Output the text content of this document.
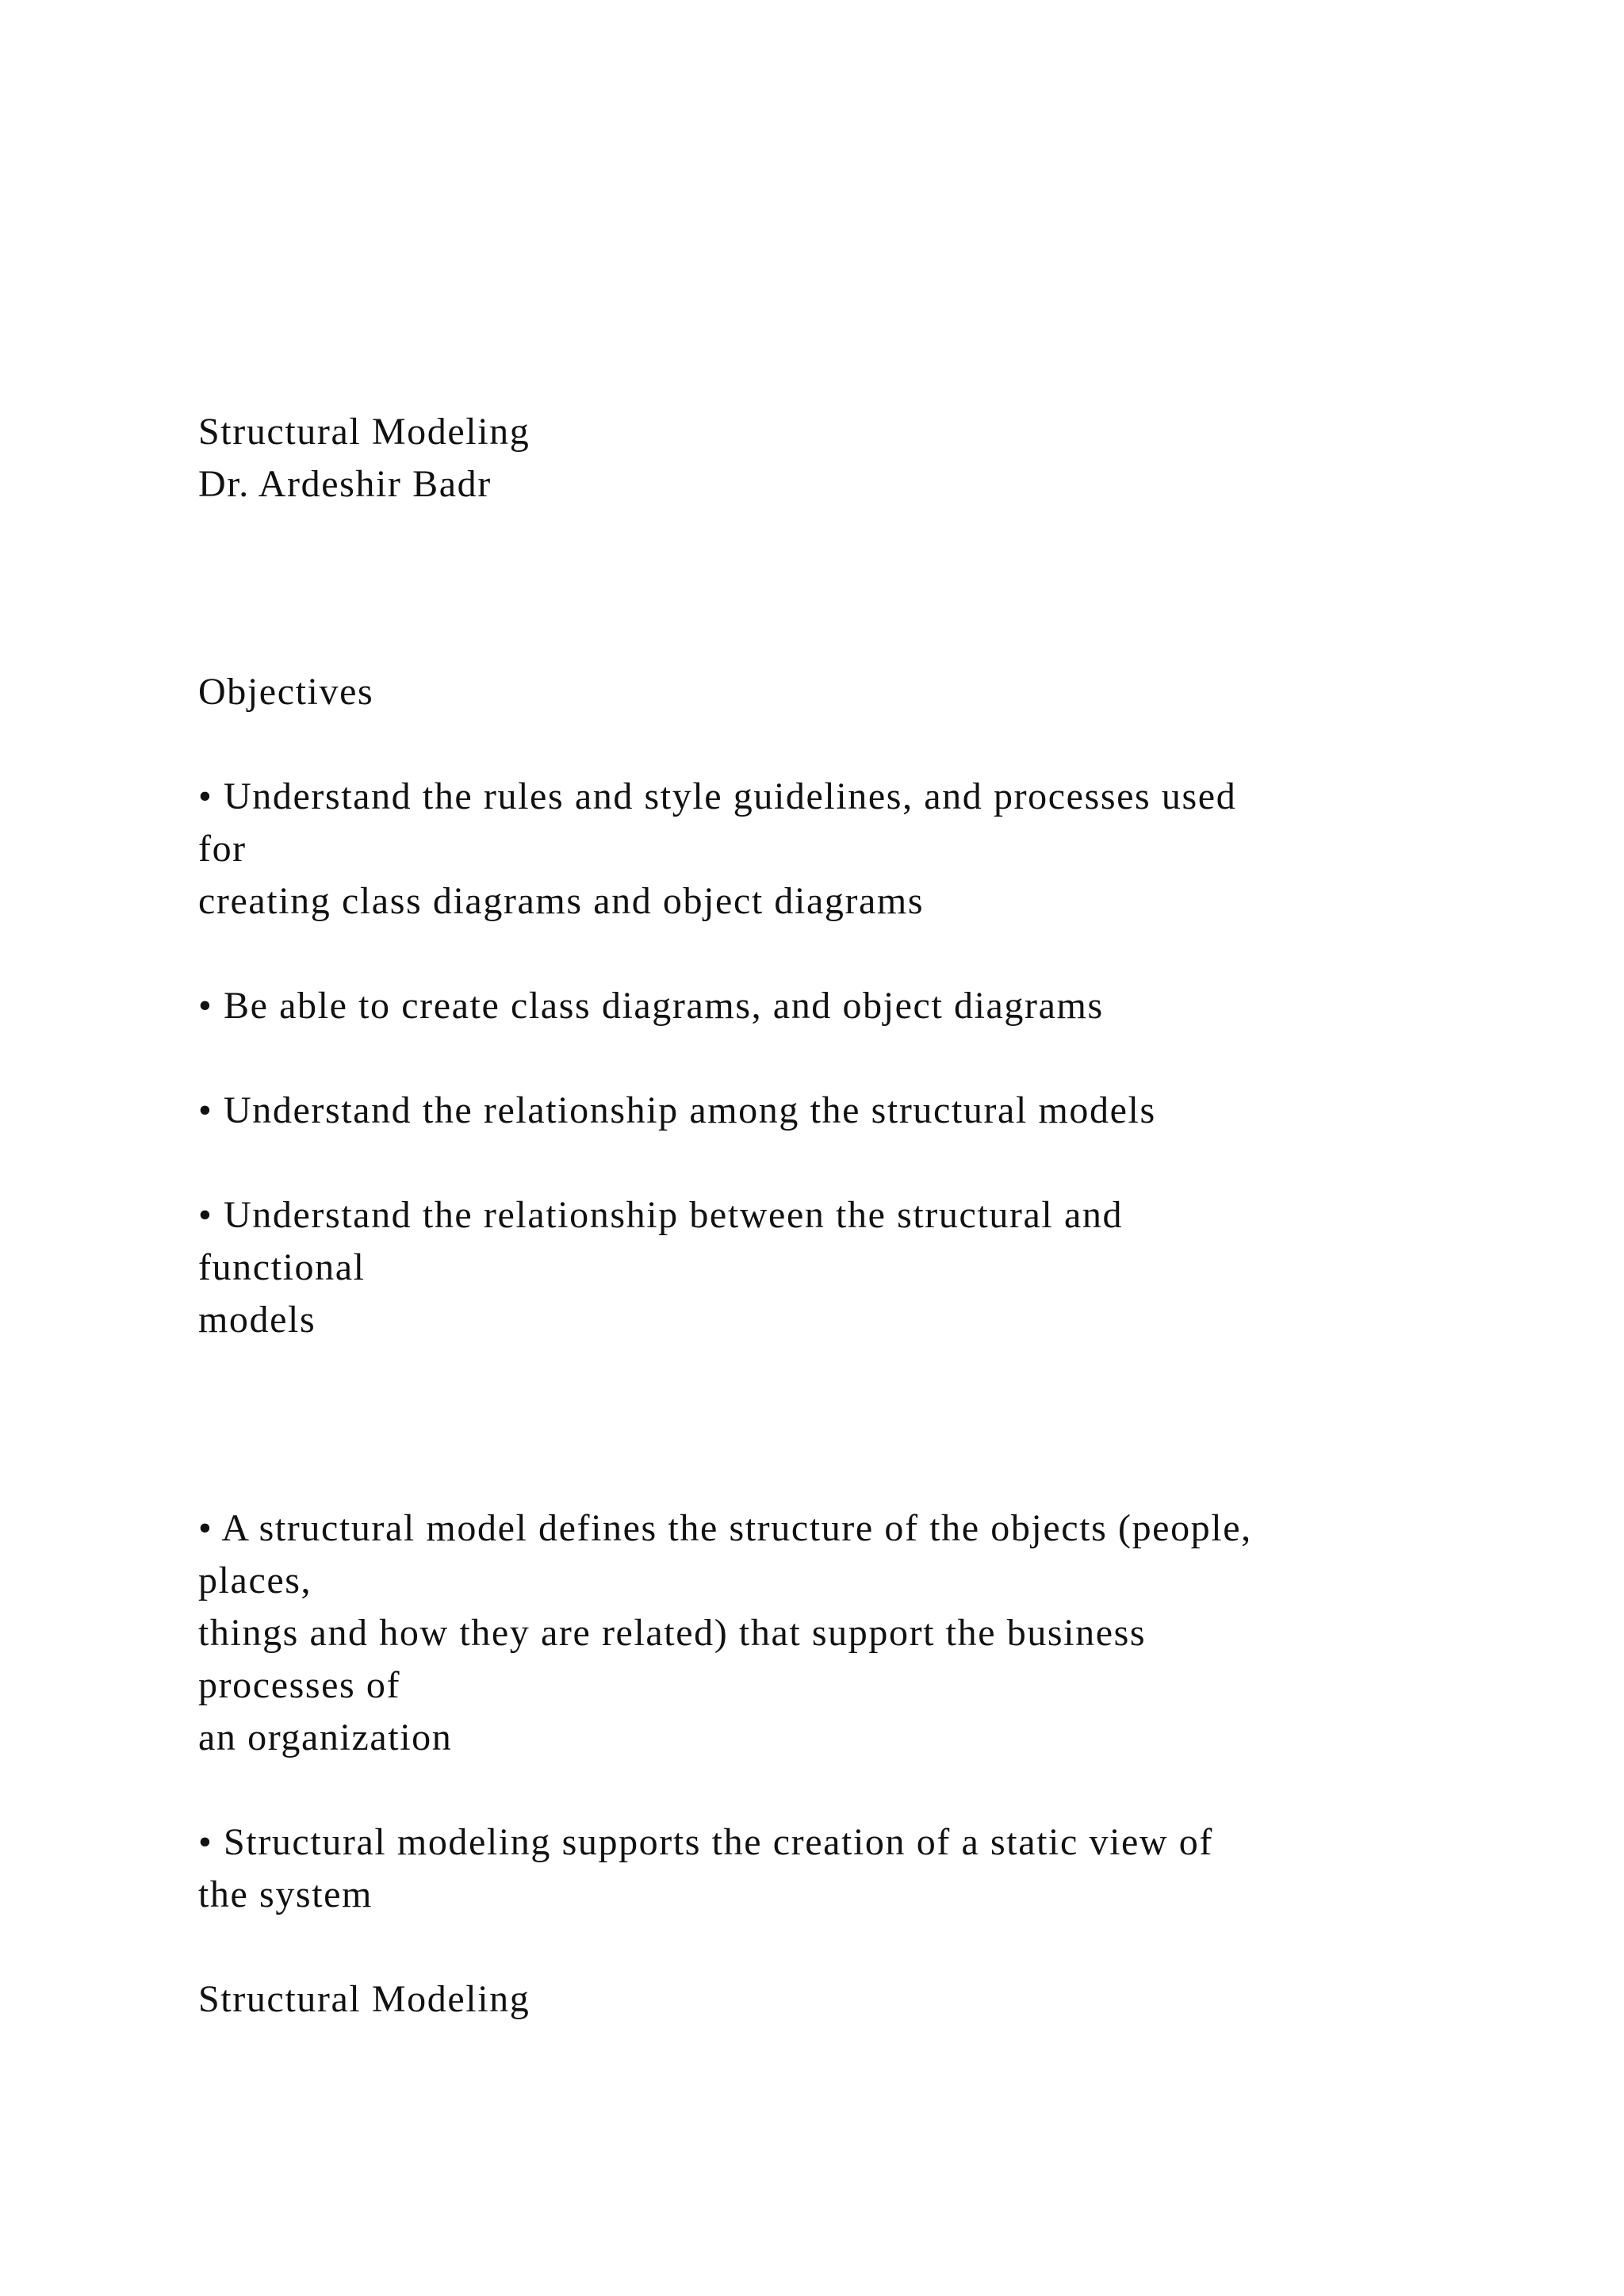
Structural Modeling

Dr. Ardeshir Badr

Objectives

• Understand the rules and style guidelines, and processes used

for

creating class diagrams and object diagrams

• Be able to create class diagrams, and object diagrams

• Understand the relationship among the structural models

• Understand the relationship between the structural and

functional

models

• A structural model defines the structure of the objects (people,

places,

things and how they are related) that support the business

processes of

an organization

• Structural modeling supports the creation of a static view of

the system

Structural Modeling
